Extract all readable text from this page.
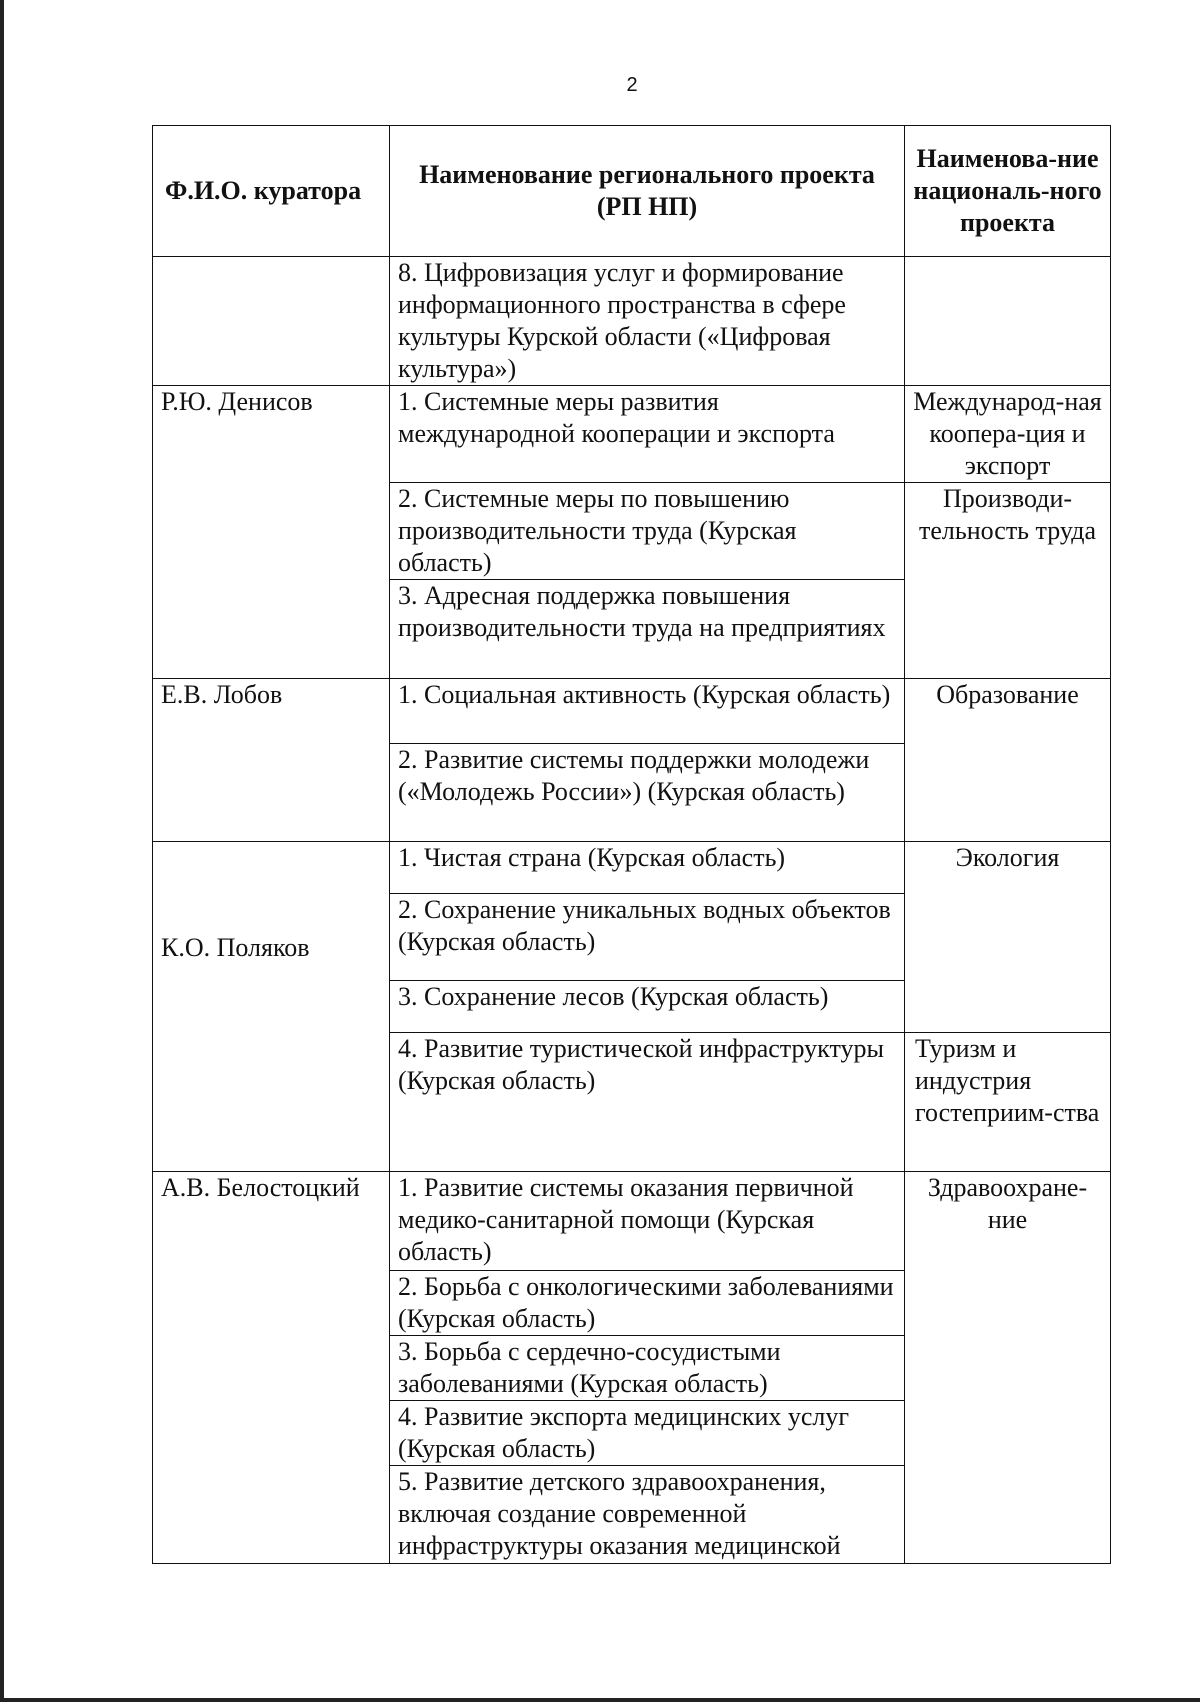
2
Ф.И.О. куратора	Наименование регионального проекта (РП НП)	Наименова-ние националь-ного проекта
	8. Цифровизация услуг и формирование информационного пространства в сфере культуры Курской области («Цифровая культура»)	
Р.Ю. Денисов	1. Системные меры развития международной кооперации и экспорта	Международ-ная коопера-ция и экспорт
	2. Системные меры по повышению производительности труда (Курская область)	Производи-тельность труда
	3. Адресная поддержка повышения производительности труда на предприятиях	
Е.В. Лобов	1. Социальная активность (Курская область)	Образование
	2. Развитие системы поддержки молодежи («Молодежь России») (Курская область)	
К.О. Поляков	1. Чистая страна (Курская область)	Экология
	2. Сохранение уникальных водных объектов (Курская область)	
	3. Сохранение лесов (Курская область)	
	4. Развитие туристической инфраструктуры (Курская область)	Туризм и индустрия гостеприим-ства
А.В. Белостоцкий	1. Развитие системы оказания первичной медико-санитарной помощи (Курская область)	Здравоохране-ние
	2. Борьба с онкологическими заболеваниями (Курская область)	
	3. Борьба с сердечно-сосудистыми заболеваниями (Курская область)	
	4. Развитие экспорта медицинских услуг (Курская область)	
	5. Развитие детского здравоохранения, включая создание современной инфраструктуры оказания медицинской	
